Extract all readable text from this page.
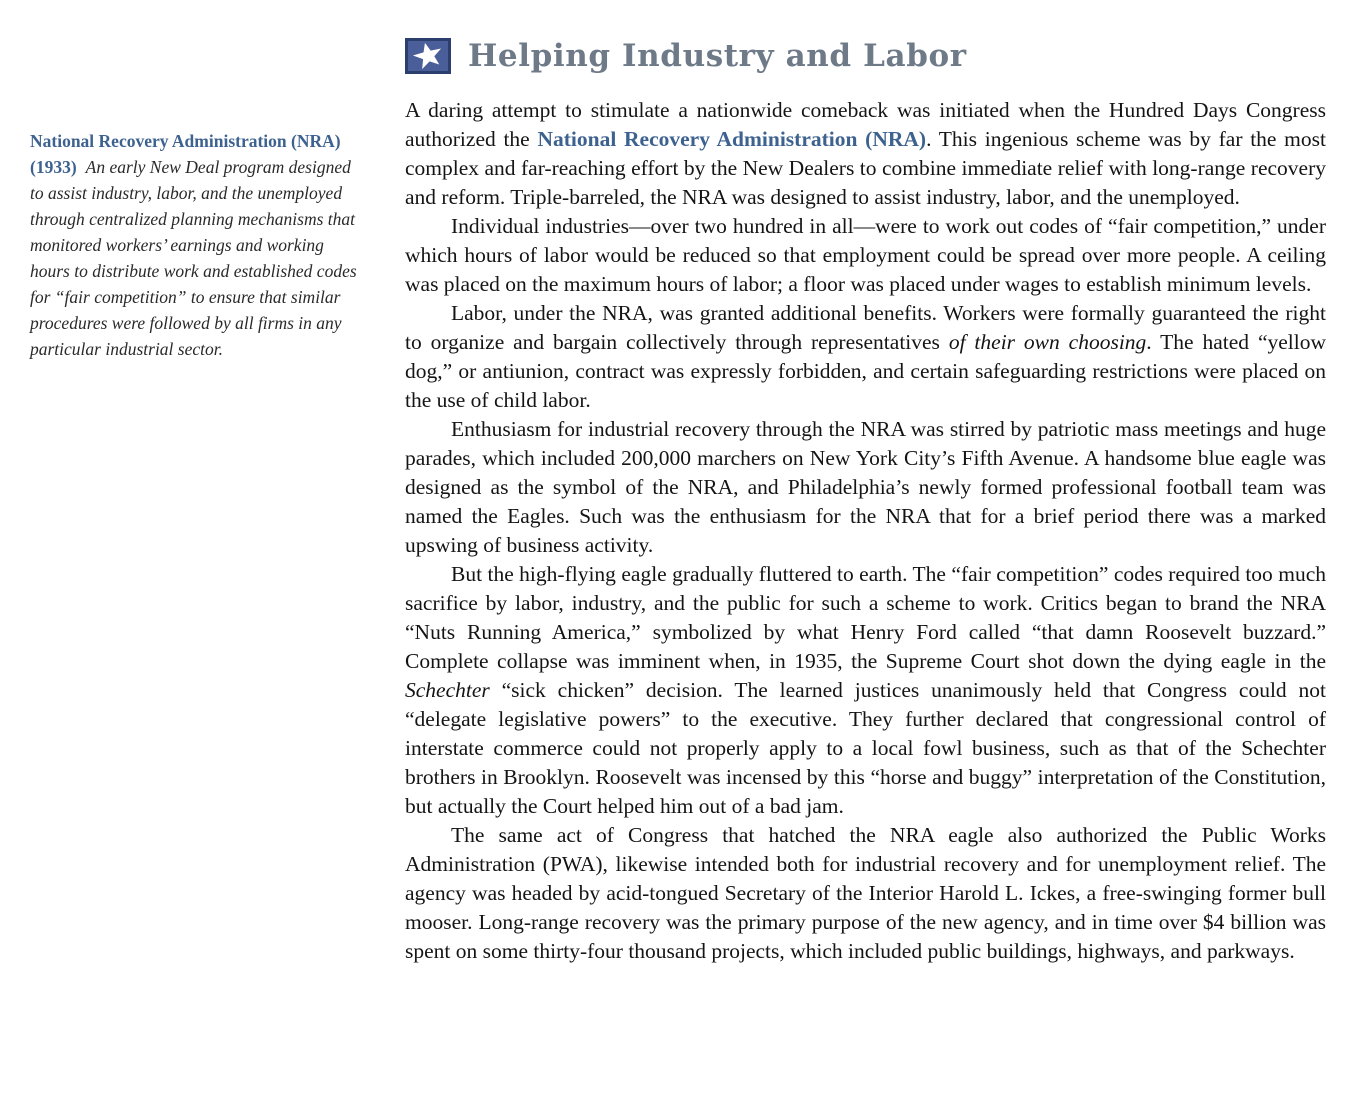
Helping Industry and Labor
National Recovery Administration (NRA) (1933) An early New Deal program designed to assist industry, labor, and the unemployed through centralized planning mechanisms that monitored workers’ earnings and working hours to distribute work and established codes for “fair competition” to ensure that similar procedures were followed by all firms in any particular industrial sector.

A daring attempt to stimulate a nationwide comeback was initiated when the Hundred Days Congress authorized the National Recovery Administration (NRA). This ingenious scheme was by far the most complex and far-reaching effort by the New Dealers to combine immediate relief with long-range recovery and reform. Triple-barreled, the NRA was designed to assist industry, labor, and the unemployed.

Individual industries—over two hundred in all—were to work out codes of “fair competition,” under which hours of labor would be reduced so that employment could be spread over more people. A ceiling was placed on the maximum hours of labor; a floor was placed under wages to establish minimum levels.

Labor, under the NRA, was granted additional benefits. Workers were formally guaranteed the right to organize and bargain collectively through representatives of their own choosing. The hated “yellow dog,” or antiunion, contract was expressly forbidden, and certain safeguarding restrictions were placed on the use of child labor.

Enthusiasm for industrial recovery through the NRA was stirred by patriotic mass meetings and huge parades, which included 200,000 marchers on New York City’s Fifth Avenue. A handsome blue eagle was designed as the symbol of the NRA, and Philadelphia’s newly formed professional football team was named the Eagles. Such was the enthusiasm for the NRA that for a brief period there was a marked upswing of business activity.

But the high-flying eagle gradually fluttered to earth. The “fair competition” codes required too much sacrifice by labor, industry, and the public for such a scheme to work. Critics began to brand the NRA “Nuts Running America,” symbolized by what Henry Ford called “that damn Roosevelt buzzard.” Complete collapse was imminent when, in 1935, the Supreme Court shot down the dying eagle in the Schechter “sick chicken” decision. The learned justices unanimously held that Congress could not “delegate legislative powers” to the executive. They further declared that congressional control of interstate commerce could not properly apply to a local fowl business, such as that of the Schechter brothers in Brooklyn. Roosevelt was incensed by this “horse and buggy” interpretation of the Constitution, but actually the Court helped him out of a bad jam.

The same act of Congress that hatched the NRA eagle also authorized the Public Works Administration (PWA), likewise intended both for industrial recovery and for unemployment relief. The agency was headed by acid-tongued Secretary of the Interior Harold L. Ickes, a free-swinging former bull mooser. Long-range recovery was the primary purpose of the new agency, and in time over $4 billion was spent on some thirty-four thousand projects, which included public buildings, highways, and parkways.
